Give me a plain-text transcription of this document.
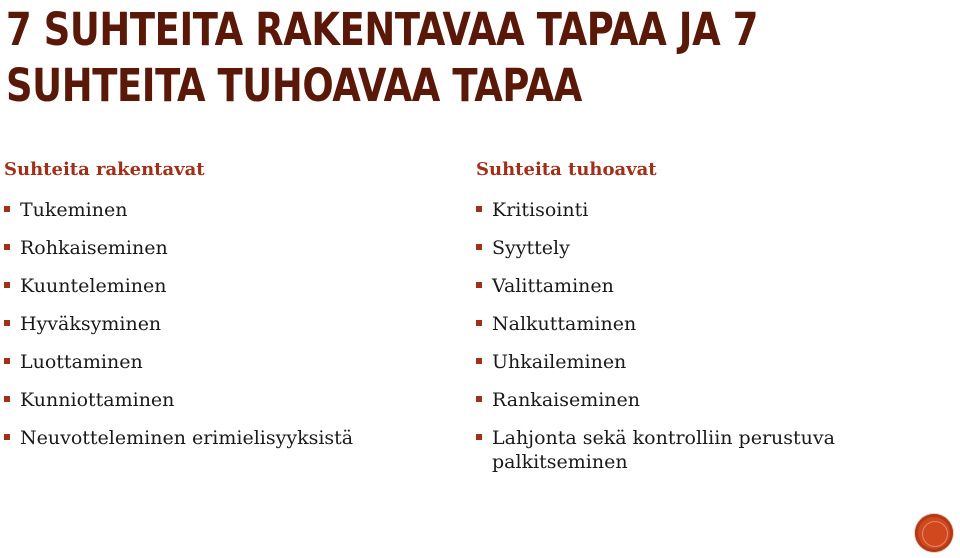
7 SUHTEITA RAKENTAVAA TAPAA JA 7 SUHTEITA TUHOAVAA TAPAA
Suhteita rakentavat
Tukeminen
Rohkaiseminen
Kuunteleminen
Hyväksyminen
Luottaminen
Kunniottaminen
Neuvotteleminen erimielisyyksistä
Suhteita tuhoavat
Kritisointi
Syyttely
Valittaminen
Nalkuttaminen
Uhkaileminen
Rankaiseminen
Lahjonta sekä kontrolliin perustuva palkitseminen
